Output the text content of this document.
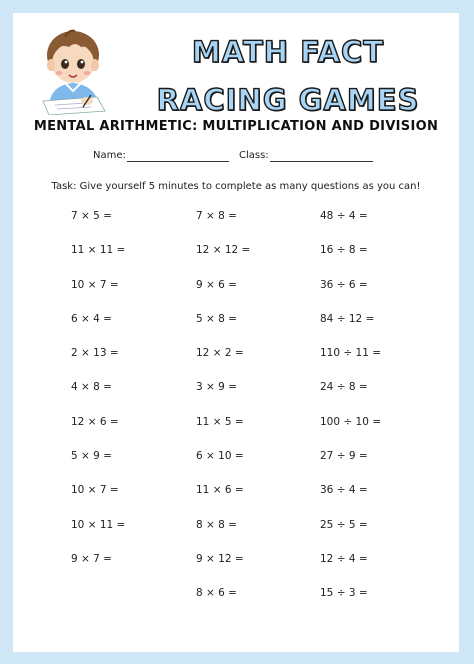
MATH FACT
RACING GAMES
MENTAL ARITHMETIC: MULTIPLICATION AND DIVISION
Name:	Class:
Task: Give yourself 5 minutes to complete as many questions as you can!
7 × 5 =
11 × 11 =
10 × 7 =
6 × 4 =
2 × 13 =
4 × 8 =
12 × 6 =
5 × 9 =
10 × 7 =
10 × 11 =
9 × 7 =
7 × 8 =
12 × 12 =
9 × 6 =
5 × 8 =
12 × 2 =
3 × 9 =
11 × 5 =
6 × 10 =
11 × 6 =
8 × 8 =
9 × 12 =
8 × 6 =
48 ÷ 4 =
16 ÷ 8 =
36 ÷ 6 =
84 ÷ 12 =
110 ÷ 11 =
24 ÷ 8 =
100 ÷ 10 =
27 ÷ 9 =
36 ÷ 4 =
25 ÷ 5 =
12 ÷ 4 =
15 ÷ 3 =
